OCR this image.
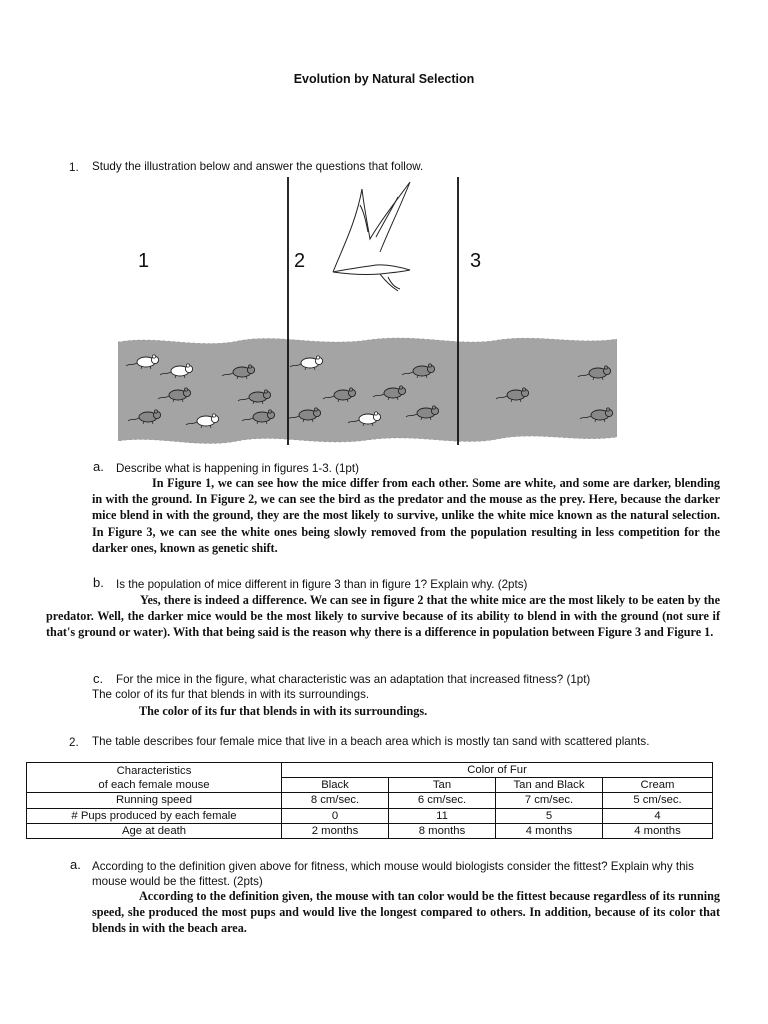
Evolution by Natural Selection
1. Study the illustration below and answer the questions that follow.
1	2	3
a. Describe what is happening in figures 1-3. (1pt)
In Figure 1, we can see how the mice differ from each other. Some are white, and some are darker, blending in with the ground. In Figure 2, we can see the bird as the predator and the mouse as the prey. Here, because the darker mice blend in with the ground, they are the most likely to survive, unlike the white mice known as the natural selection. In Figure 3, we can see the white ones being slowly removed from the population resulting in less competition for the darker ones, known as genetic shift.
b. Is the population of mice different in figure 3 than in figure 1? Explain why. (2pts)
Yes, there is indeed a difference. We can see in figure 2 that the white mice are the most likely to be eaten by the predator. Well, the darker mice would be the most likely to survive because of its ability to blend in with the ground (not sure if that's ground or water). With that being said is the reason why there is a difference in population between Figure 3 and Figure 1.
c. For the mice in the figure, what characteristic was an adaptation that increased fitness? (1pt)
The color of its fur that blends in with its surroundings.
The color of its fur that blends in with its surroundings.
2. The table describes four female mice that live in a beach area which is mostly tan sand with scattered plants.
Characteristics
of each female mouse	Color of Fur			
	Black	Tan	Tan and Black	Cream
Running speed	8 cm/sec.	6 cm/sec.	7 cm/sec.	5 cm/sec.
# Pups produced by each female	0	11	5	4
Age at death	2 months	8 months	4 months	4 months
a. According to the definition given above for fitness, which mouse would biologists consider the fittest? Explain why this mouse would be the fittest. (2pts)
According to the definition given, the mouse with tan color would be the fittest because regardless of its running speed, she produced the most pups and would live the longest compared to others. In addition, because of its color that blends in with the beach area.
